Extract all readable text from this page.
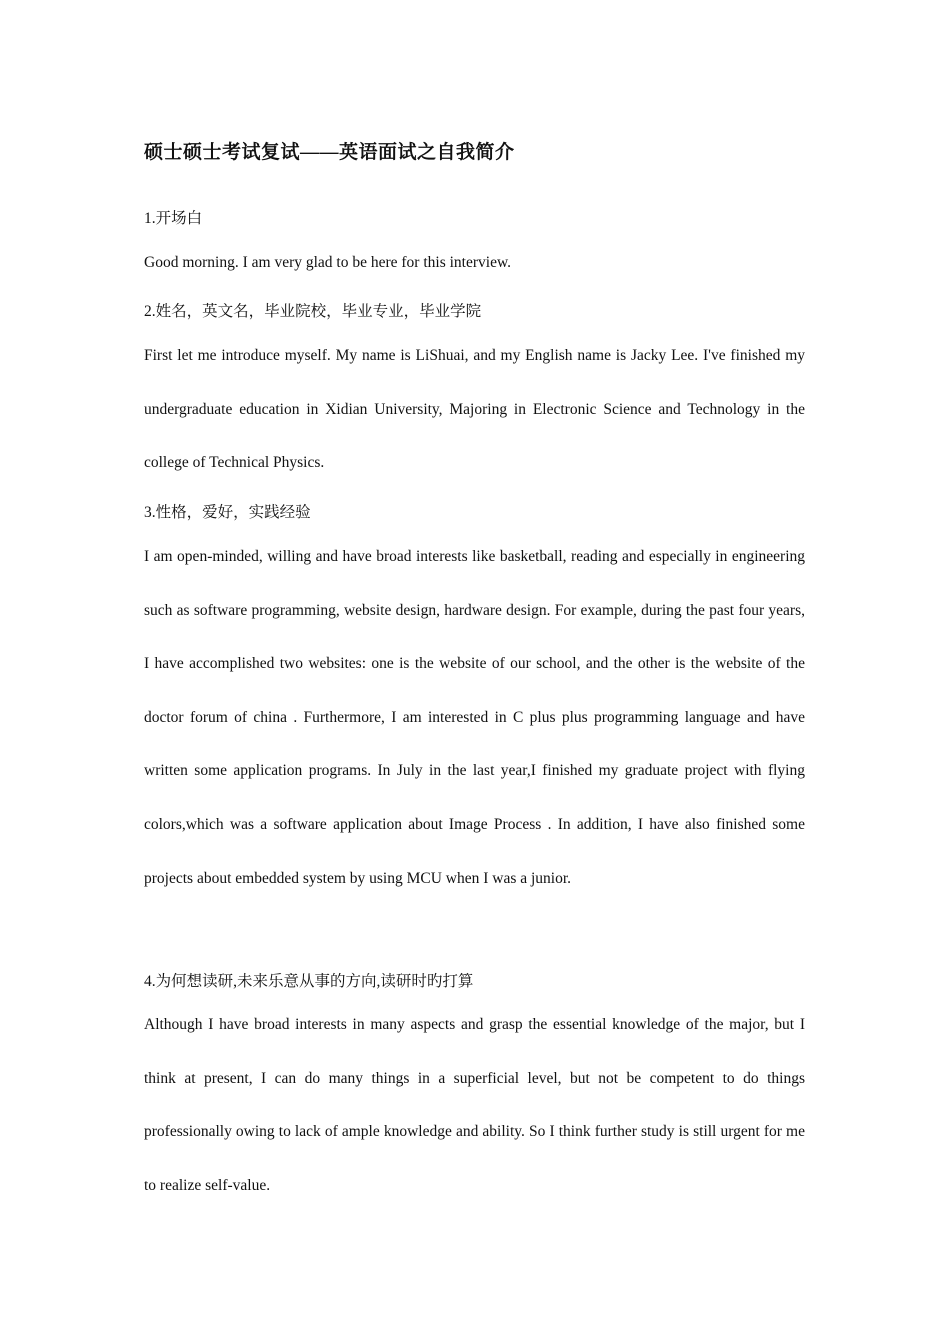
硕士硕士考试复试——英语面试之自我简介
1.开场白
Good morning. I am very glad to be here for this interview.
2.姓名，英文名，毕业院校，毕业专业，毕业学院
First let me introduce myself. My name is LiShuai, and my English name is Jacky Lee. I've finished my undergraduate education in Xidian University, Majoring in Electronic Science and Technology in the college of Technical Physics.
3.性格，爱好，实践经验
I am open-minded, willing and have broad interests like basketball, reading and especially in engineering such as software programming, website design, hardware design. For example, during the past four years, I have accomplished two websites: one is the website of our school, and the other is the website of the doctor forum of china . Furthermore, I am interested in C plus plus programming language and have written some application programs. In July in the last year,I finished my graduate project with flying colors,which was a software application about Image Process . In addition, I have also finished some projects about embedded system by using MCU when I was a junior.
4.为何想读研,未来乐意从事的方向,读研时旳打算
Although I have broad interests in many aspects and grasp the essential knowledge of the major, but I think at present, I can do many things in a superficial level, but not be competent to do things professionally owing to lack of ample knowledge and ability. So I think further study is still urgent for me to realize self-value.
